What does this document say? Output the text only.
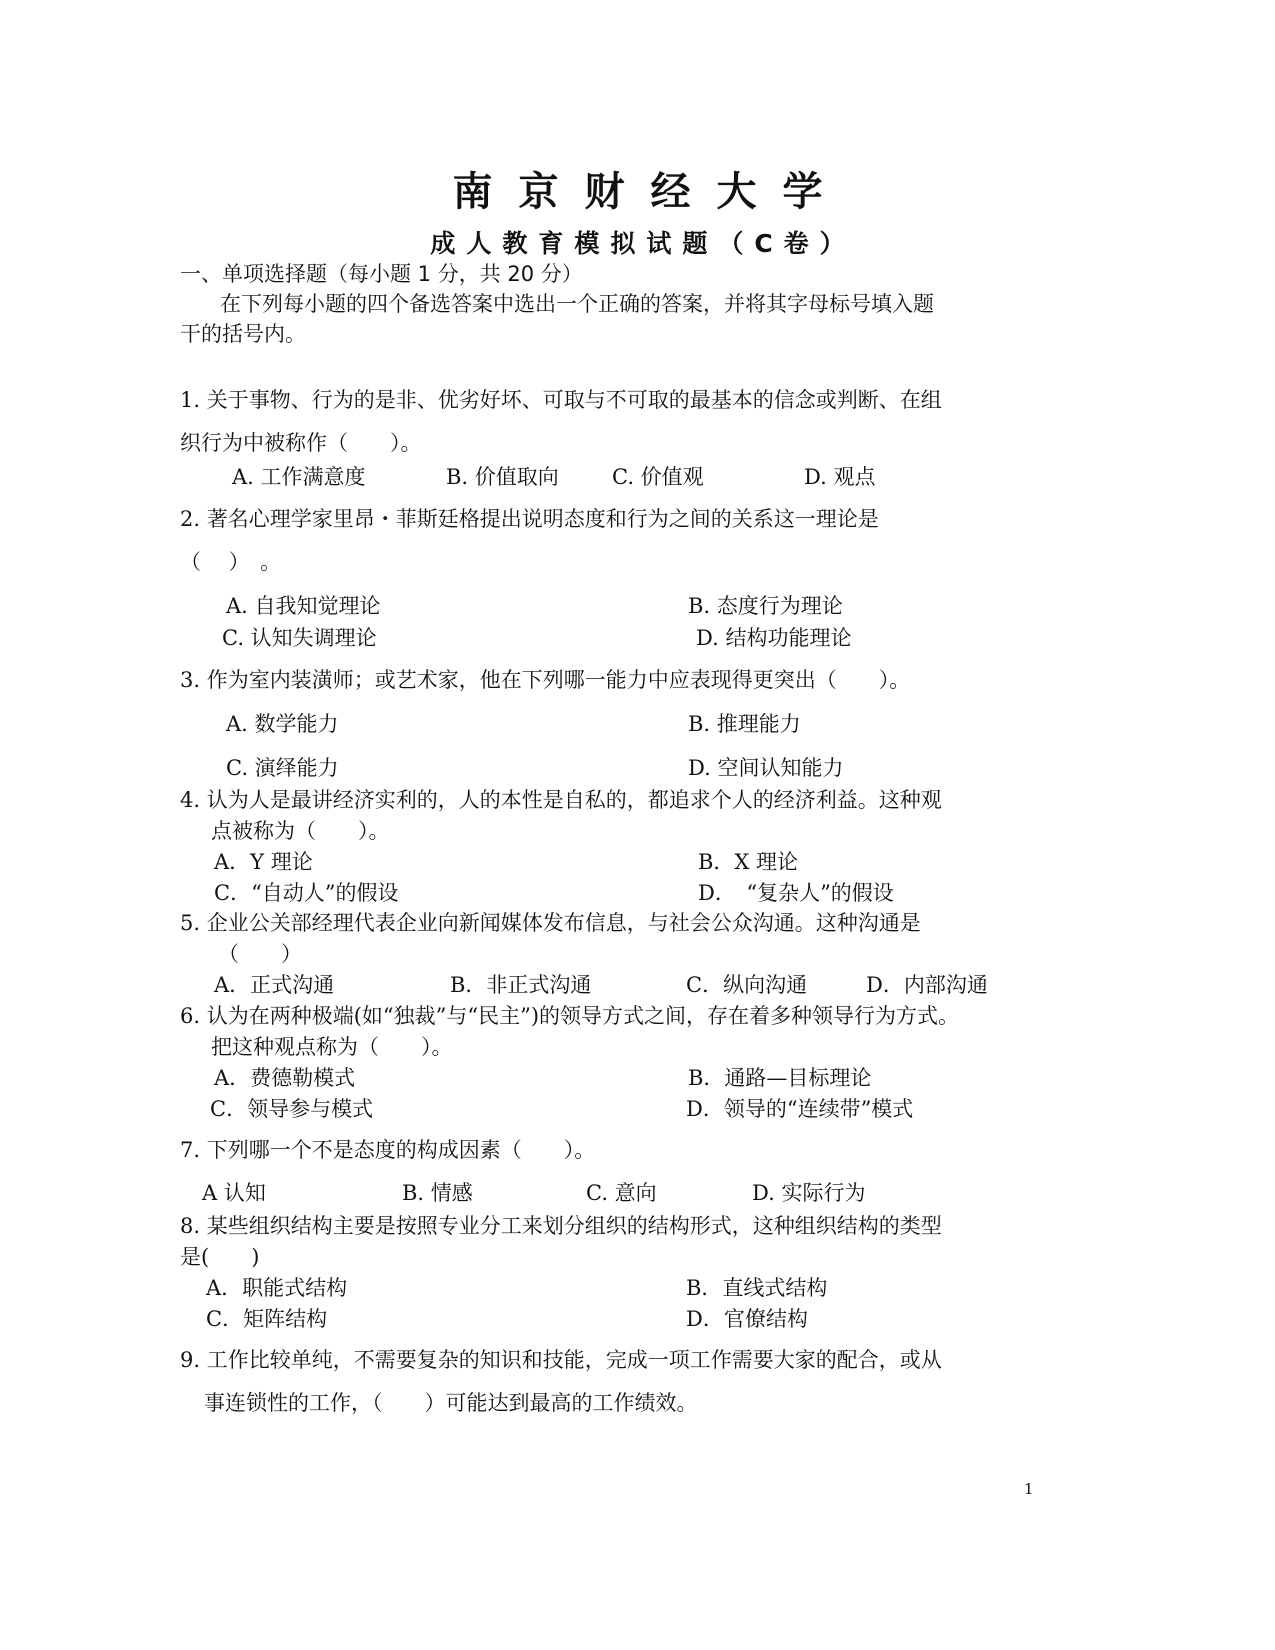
南京财经大学
成人教育模拟试题（C卷）
一、单项选择题（每小题 1 分，共 20 分）
在下列每小题的四个备选答案中选出一个正确的答案，并将其字母标号填入题
干的括号内。
1. 关于事物、行为的是非、优劣好坏、可取与不可取的最基本的信念或判断、在组
织行为中被称作（　　）。
A. 工作满意度	B. 价值取向	C. 价值观	D. 观点
2. 著名心理学家里昂・菲斯廷格提出说明态度和行为之间的关系这一理论是
（　 ）　。
A. 自我知觉理论	B. 态度行为理论
C. 认知失调理论	D. 结构功能理论
3. 作为室内装潢师；或艺术家，他在下列哪一能力中应表现得更突出（　　）。
A. 数学能力	B. 推理能力
C. 演绎能力	D. 空间认知能力
4. 认为人是最讲经济实利的，人的本性是自私的，都追求个人的经济利益。这种观
点被称为（　　）。
A．Y 理论	B．X 理论
C．“自动人”的假设	D．　“复杂人”的假设
5. 企业公关部经理代表企业向新闻媒体发布信息，与社会公众沟通。这种沟通是
（　　）
A．正式沟通	B．非正式沟通	C．纵向沟通	D．内部沟通
6. 认为在两种极端(如“独裁”与“民主”)的领导方式之间，存在着多种领导行为方式。
把这种观点称为（　　）。
A．费德勒模式	B．通路—目标理论
C．领导参与模式	D．领导的“连续带”模式
7. 下列哪一个不是态度的构成因素（　　）。
A 认知	B. 情感	C. 意向	D. 实际行为
8. 某些组织结构主要是按照专业分工来划分组织的结构形式，这种组织结构的类型
是(　　)
A．职能式结构	B．直线式结构
C．矩阵结构	D．官僚结构
9. 工作比较单纯，不需要复杂的知识和技能，完成一项工作需要大家的配合，或从
事连锁性的工作，（　　）可能达到最高的工作绩效。
1
